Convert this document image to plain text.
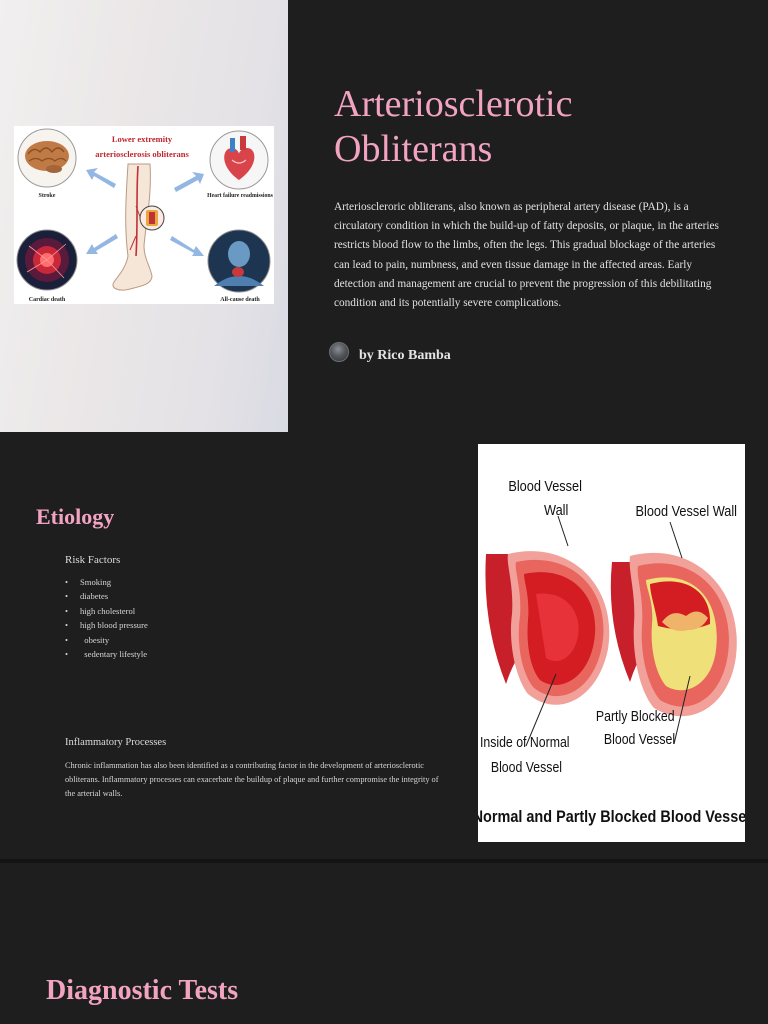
Lower extremity
arteriosclerosis obliterans
Stroke	Heart failure readmissions
Cardiac death	All-cause death
Arteriosclerotic Obliterans

Arterioscleroric obliterans, also known as peripheral artery disease (PAD), is a circulatory condition in which the build-up of fatty deposits, or plaque, in the arteries restricts blood flow to the limbs, often the legs. This gradual blockage of the arteries can lead to pain, numbness, and even tissue damage in the affected areas. Early detection and management are crucial to prevent the progression of this debilitating condition and its potentially severe complications.

by Rico Bamba
Etiology
Risk Factors
•	Smoking
•	diabetes
•	high cholesterol
•	high blood pressure
•	obesity
•	sedentary lifestyle
Inflammatory Processes

Chronic inflammation has also been identified as a contributing factor in the development of arteriosclerotic obliterans. Inflammatory processes can exacerbate the buildup of plaque and further compromise the integrity of the arterial walls.

Blood Vessel
Wall	Blood Vessel Wall
Partly Blocked
Blood Vessel
Inside of Normal
Blood Vessel
Normal and Partly Blocked Blood Vessel
Diagnostic Tests
